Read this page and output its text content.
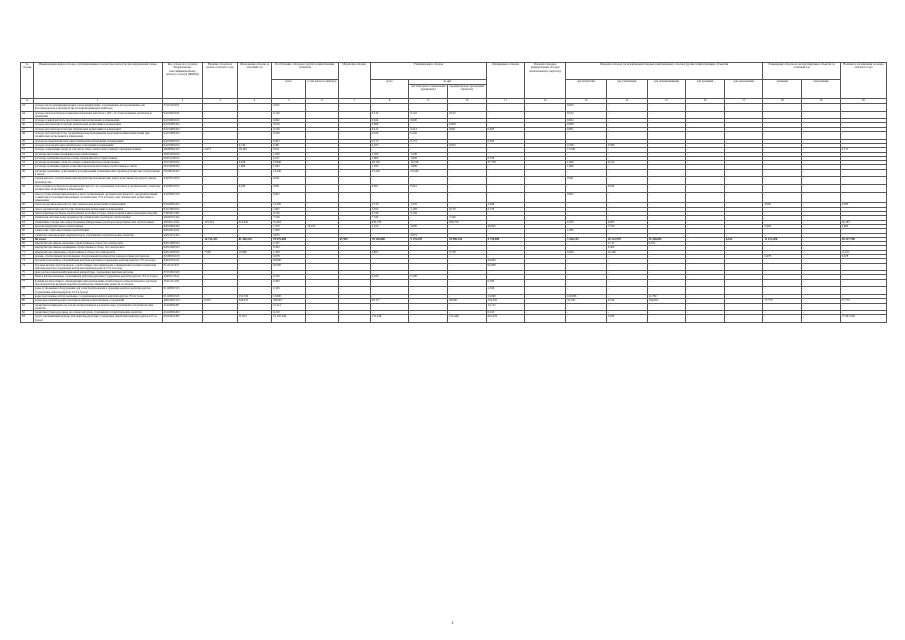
№ строки	Наименование видов отходов, сгруппированных по классам опасности для окружающей среды	Код отхода по (согласно Федеральному классификационному каталогу отходов (ФККО))	Наличие отходов на начало отчетного года	Образование отходов за отчетный год	Поступление отходов из других хозяйствующих субъектов		Обработка отходов	Утилизировано отходов			Обезврежено отходов	Передача твердых коммунальных отходов региональному оператору	Передача отходов (за исключением твердых коммунальных отходов) другим хозяйствующим субъектам					Размещение отходов на эксплуатируемых объектах за отчетный год		Наличие в организации на конец отчетного года
					всего	в том числе по импорту		всего	из них				для обработки	для утилизации	для обезвреживания	для хранения	для захоронения	хранение	захоронение	
									для повторного применения (рециклинг)	предварительно прошедших обработку										
А	1	2	3	4	5	6	7	8	9	10	11	12	13	14	15	16	17	18	19	20
43	отходы смеси дезинфицирующих и консервирующих, загрязненных фотореактивами для фотоматериалов и производства полупроводниковых приборов	37111501102	-	-	0,025	-	-	-	-	-	-	-	0,025	-	-	-	-	-	-	-
44	отходы смеси растворов подвесных щелочных металлов с pH = 11,5 при калиевых растворах и изменения	94110001102	-	-	0,146	-	-	0,134	0,122	0,012	-	-	0,012	-	-	-	-	-	-	-
45	отходы солевой кислоты при технических испытаниях и изменениях	94132001102	-	-	0,662	-	-	0,644	0,600	-	-	-	0,002	-	-	-	-	-	-	-
46	отходы уксусной кислоты при технических испытаниях и измерениях	94150003102	-	-	0,016	-	-	0,008	-	0,008	-	-	0,008	-	-	-	-	-	-	-
47	отходы уксусной кислоты при технических испытаниях и измерениях	94131002102	-	-	0,419	-	-	0,413	0,412	0,001	0,005	-	0,001	-	-	-	-	-	-	-
48	отходы уксусной кислоты, загрязнённой нерастворимыми неорганическими веществами при технических испытаниях и измерениях	94131003102	-	-	0,220	-	-	0,220	0,220	-	-	-	-	-	-	-	-	-	-	-
49	отходы фосфорной кислоты при технических испытаниях и измерениях	94132001102	-	-	0,202	-	-	0,172	0,172	-	0,030	-	-	-	-	-	-	-	-	-
50	отходы хлороформа при техническом осмотрении и измерениях	94155001102	-	0,146	0,481	-	-	0,023	-	0,023	-	-	0,458	0,396	-	-	-	-	-	-
51	отходы, содержащие оксид (в том числе смесь оксид-оксид свинца), неупорядоченные	46290092102	2,672	18,184	0,011	-	-	-	-	-	-	-	17,940	-	-	-	-	-	-	2,711
52	растворы щелочные промывки воды отработанные	36351031102	-	-	1,500	-	-	1,500	1,500	-	-	-	-	-	-	-	-	-	-	-
53	растворы травления меди на основе серной кислоты отработанные	36351122102	-	-	2,617	-	-	1,809	1,809	-	0,758	-	-	-	-	-	-	-	-	-
54	растворы травления стали на основе соляной кислоты отработанные	36131031102	-	4,918	37,846	-	-	28,118	16,318	-	37,738	-	1,000	0,210	-	-	-	-	-	-
55	растворы травления черных и цветных металлов кислотные отработанные в смеси	36133199102	-	1,000	1,945	-	-	1,945	1,890	-	-	-	1,000	-	-	-	-	-	-	-
56	растворы травления, осветления и холодирования гальванических производств кислые отработанные в смеси	36148192102	-	-	23,436	-	-	23,436	23,436	-	-	-	-	-	-	-	-	-	-	-
57	серная кислота, отработанная при переработке масляной шин нафта и масляных продуктах при их производстве	44270121102	-	-	0,041	-	-	-	-	-	-	-	0,041	-	-	-	-	-	-	-
58	смесь водных растворов неорганических кислот, не содержащая галогенов и органических солей при технических испытаниях и измерениях	94138101102	-	0,030	0,061	-	-	0,061	0,061	-	-	-	-	0,030	-	-	-	-	-	-
59	смесь (сухая) концентрированных и неотсортированных органических веществ с неорганическими солями кислот (концентрированных органических 15% и более), при технических испытаниях и измерениях	94150391312	-	-	0,002	-	-	-	-	-	-	-	0,002	-	-	-	-	-	-	-
60	смесь неорганических кислот при технических испытаниях и измерениях	94142993102	-	-	31,326	-	-	2,516	1,376	-	4,098	-	-	-	-	-	-	4,000	-	4,000
61	смесь органических кислот при технических испытаниях и измерениях	94131901102	-	-	1,607	-	-	1,352	1,182	0,170	0,735	-	-	-	-	-	-	-	-	-
62	гипохлоритные растворы отработанные по мойке посуды, лабораторной и иных мытьевых изделий	73953411302	-	-	0,749	-	-	0,749	0,749	-	-	-	-	-	-	-	-	-	-	-
63	химически опасные воды производства технических растворов отработанных	46220101322	-	-	7,540	-	-	7,540	-	7,540	-	-	-	-	-	-	-	-	-	-
64	элементные отходы типа нерастворимых минеральных растворов неорганических отработанные	40220111332	143,744	514,945	35,463	-	-	659,778	-	659,778	-	-	0,700	0,005	-	-	-	-	-	26,193
65	щелочи аккумуляторные отработанные	92022003102	-	-	7,250	56,165	-	2,520	2,000	-	46,845	-	-	7,750	-	-	-	0,600	-	0,600
66	электролит серно-кислотный отработанный	92024011102	-	-	1,000	-	-	-	-	-	-	-	1,000	-	-	-	-	-	-	-
67	элементы электрических аккумуляторов, утративших потребительские свойства	40221211352	-	-	2,672	-	-	-	2,672	-	-	-	-	-	-	-	-	-	-	-
68	III класс		16 743,453	81 448,229	78 979,698	-	67,599	78 140,088	9 176,578	35 969,154	9 734,989	-	3 416,154	20 122,978	25 348,055	-	0,522	11 413,206	-	38 217,798
69	аккумуляторы никель-железные отработанные в сборе, без электролита	92013002523	-	-	2,167	-	-	-	-	-	-	-	-	2,115	0,052	-	-	-	-	-
70	аккумуляторы никель-кадмиевые отработанные в сборе, без электролита	92012002523	-	-	6,300	-	-	-	-	-	-	-	-	6,300	-	-	-	-	-	-
71	аккумуляторы свинцовые отработанные в сборе, без электролита	92011002523	7,565	19,986	1,269	-	-	0,863	-	0,738	-	-	6,000	22,160	-	-	-	-	-	11,611
72	шлами, отработанный при промывке оборудования производства лакокрасочных материалов	31590101103	-	-	0,678	-	-	-	-	-	-	-	-	-	-	-	-	0,678	-	0,678
73	буровой шлам нефти, загрязнённый нефтепродуктами (содержание нефтепродуктов 15% и более)	84210101211	-	-	64,000	-	-	-	-	-	64,000	-	-	-	-	-	-	-	-	-
74	буровые шламы трубопроводов, отработанные при ликвидации и ликвидации разливов нефти или нефтепродуктов (содержание нефти или нефтепродуктов 15% и более)	91121111315	-	-	92,000	-	-	-	-	-	92,000	-	-	-	-	-	-	-	-	-
75	прах распадочный коммутационной аппаратуры, содержащих цветные металлы	37131651525	-	-	-	-	-	-	-	-	-	-	-	-	-	-	-	-	-	-
76	бумага фильтровальная, загрязнённая нефтепродуктами (содержание нефтепродуктов 15% и более)	44310111612	-	-	0,100	-	-	0,100	0,100	-	-	-	-	-	-	-	-	-	-	-
77	водный раствор спирта, охлаждающих при регенерации отработанного технологического раствора при переработке вредных изъятия производства химических веществ и отходов	31911111103	-	-	0,300	-	-	-	-	-	0,300	-	-	-	-	-	-	-	-	-
78	воды от промывки оборудования для транспортирования и хранения нефти и нефтепродуктов (содержание нефтепродуктов 15% и более)	91120001313	-	-	2,326	-	-	-	-	-	2,326	-	-	-	-	-	-	-	-	-
79	воды подсланевые и/или льяльные с содержанием нефти и нефтепродуктов 15% и более	91110001313	-	132,726	13,000	-	-	-	-	-	13,000	-	120,836	-	11,790	-	-	-	-	-
80	вольтовые нефтепродукты из нефтеловушек и аналогичных сооружений	40610001313	0,001	326,035	398,307	-	-	48,177	-	36,000	154,550	-	35,230	0,740	164,063	-	-	17,770	-	17,772
81	герметики полимерные на основе полисульфидов и клеевой тары, утративших потребительские свойства	41442002201	-	-	15,112	-	-	-	-	-	15,112	-	-	-	-	-	-	-	-	-
82	герметики углеводородные на основе каучуков, утративших потребительские свойства	41443002202	-	-	0,210	-	-	-	-	-	0,210	-	-	-	-	-	-	-	-	-
83	грунт, загрязнённый нефтью или нефтепродуктами (содержание нефти или нефтепродуктов 15% и более)	93110001393	-	71,813	19 107,246	-	-	155,448	-	155,448	991,970	-	-	3,930	-	-	-	-	-	17 991,938
2
